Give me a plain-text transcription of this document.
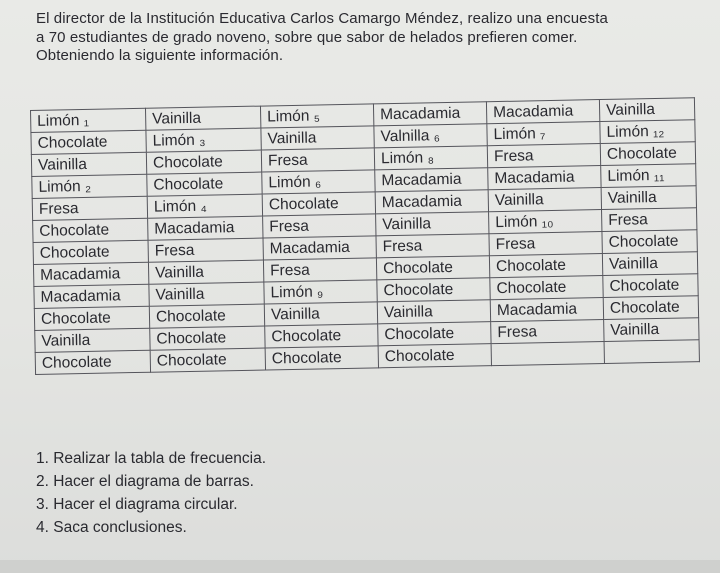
El director de la Institución Educativa Carlos Camargo Méndez, realizo una encuesta
a 70 estudiantes de grado noveno, sobre que sabor de helados prefieren comer.
Obteniendo la siguiente información.
Limón ₁	Vainilla	Limón ₅	Macadamia	Macadamia	Vainilla
Chocolate	Limón ₃	Vainilla	Valnilla ₆	Limón ₇	Limón ₁₂
Vainilla	Chocolate	Fresa	Limón ₈	Fresa	Chocolate
Limón ₂	Chocolate	Limón ₆	Macadamia	Macadamia	Limón ₁₁
Fresa	Limón ₄	Chocolate	Macadamia	Vainilla	Vainilla
Chocolate	Macadamia	Fresa	Vainilla	Limón ₁₀	Fresa
Chocolate	Fresa	Macadamia	Fresa	Fresa	Chocolate
Macadamia	Vainilla	Fresa	Chocolate	Chocolate	Vainilla
Macadamia	Vainilla	Limón ₉	Chocolate	Chocolate	Chocolate
Chocolate	Chocolate	Vainilla	Vainilla	Macadamia	Chocolate
Vainilla	Chocolate	Chocolate	Chocolate	Fresa	Vainilla
Chocolate	Chocolate	Chocolate	Chocolate		
1. Realizar la tabla de frecuencia.
2. Hacer el diagrama de barras.
3. Hacer el diagrama circular.
4. Saca conclusiones.
